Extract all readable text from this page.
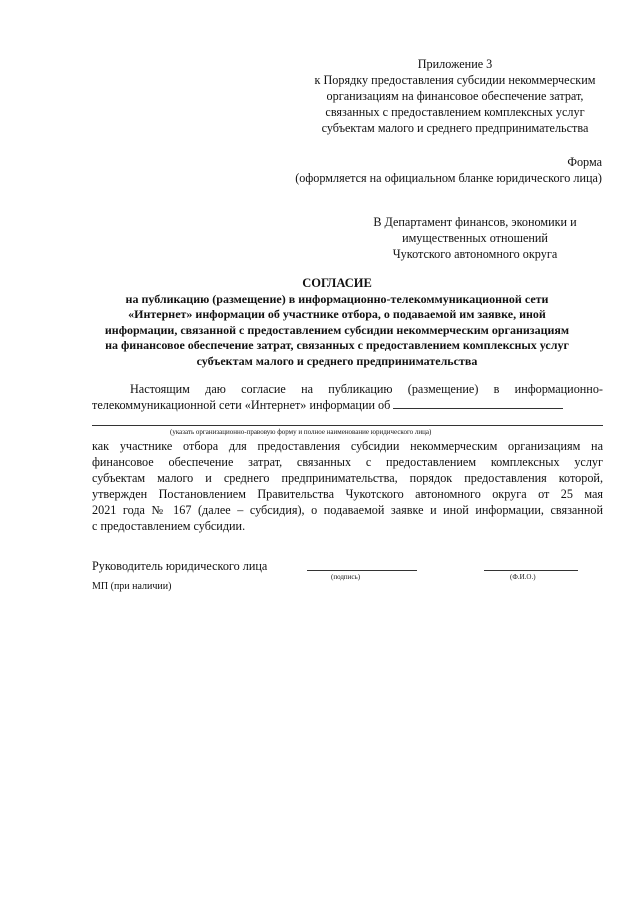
Приложение 3
к Порядку предоставления субсидии некоммерческим
организациям на финансовое обеспечение затрат,
связанных с предоставлением комплексных услуг
субъектам малого и среднего предпринимательства
Форма
(оформляется на официальном бланке юридического лица)
В Департамент финансов, экономики и
имущественных отношений
Чукотского автономного округа
СОГЛАСИЕ
на публикацию (размещение) в информационно-телекоммуникационной сети
«Интернет» информации об участнике отбора, о подаваемой им заявке, иной
информации, связанной с предоставлением субсидии некоммерческим организациям
на финансовое обеспечение затрат, связанных с предоставлением комплексных услуг
субъектам малого и среднего предпринимательства
Настоящим даю согласие на публикацию (размещение) в информационно-
телекоммуникационной сети «Интернет» информации об
(указать организационно-правовую форму и полное наименование юридического лица)
как участнике отбора для предоставления субсидии некоммерческим организациям на
финансовое обеспечение затрат, связанных с предоставлением комплексных услуг
субъектам малого и среднего предпринимательства, порядок предоставления которой,
утвержден Постановлением Правительства Чукотского автономного округа от 25 мая
2021 года № 167 (далее – субсидия), о подаваемой заявке и иной информации, связанной
с предоставлением субсидии.
Руководитель юридического лица
(подпись)	(Ф.И.О.)
МП (при наличии)
